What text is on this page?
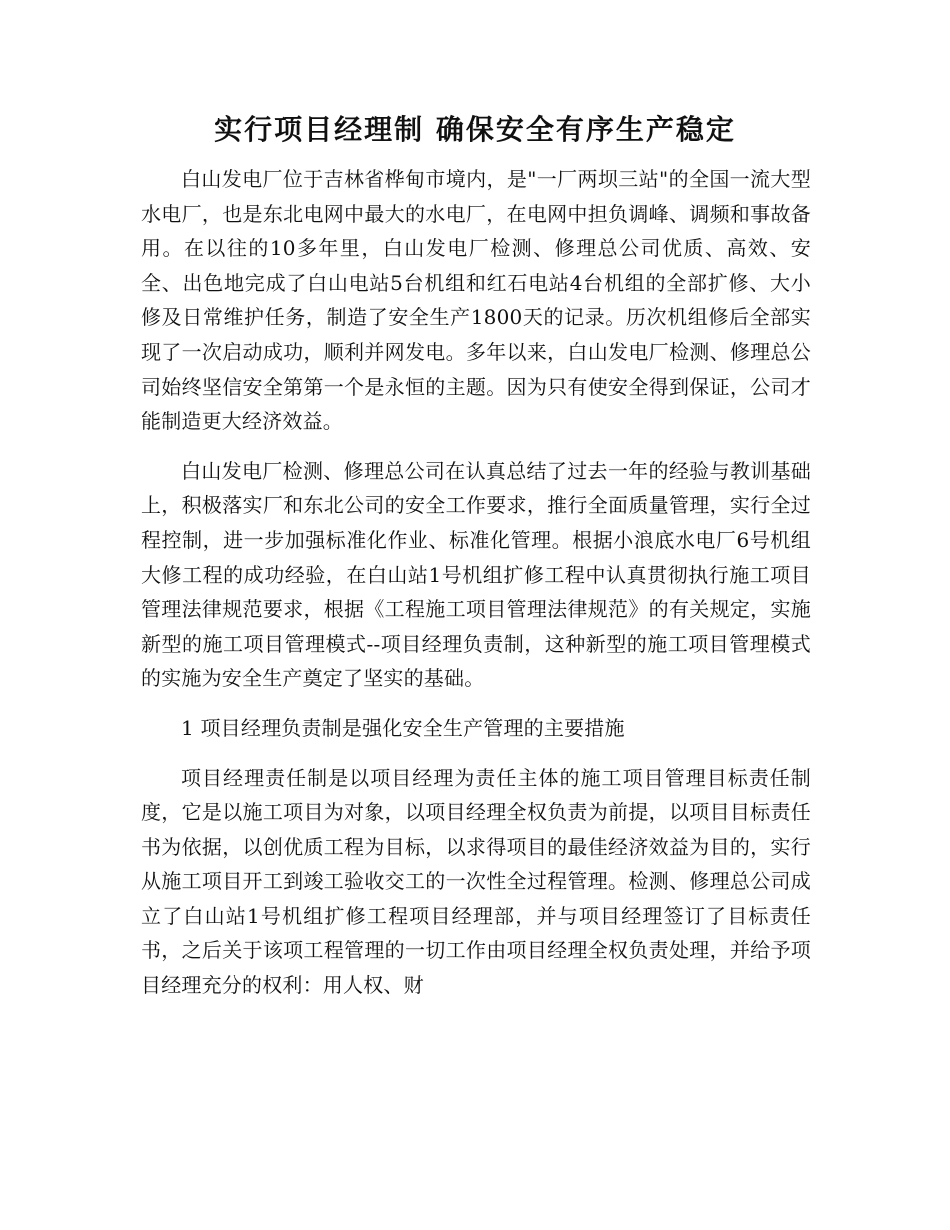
实行项目经理制 确保安全有序生产稳定

白山发电厂位于吉林省桦甸市境内，是"一厂两坝三站"的全国一流大型水电厂，也是东北电网中最大的水电厂，在电网中担负调峰、调频和事故备用。在以往的10多年里，白山发电厂检测、修理总公司优质、高效、安全、出色地完成了白山电站5台机组和红石电站4台机组的全部扩修、大小修及日常维护任务，制造了安全生产1800天的记录。历次机组修后全部实现了一次启动成功，顺利并网发电。多年以来，白山发电厂检测、修理总公司始终坚信安全第第一个是永恒的主题。因为只有使安全得到保证，公司才能制造更大经济效益。

白山发电厂检测、修理总公司在认真总结了过去一年的经验与教训基础上，积极落实厂和东北公司的安全工作要求，推行全面质量管理，实行全过程控制，进一步加强标准化作业、标准化管理。根据小浪底水电厂6号机组大修工程的成功经验，在白山站1号机组扩修工程中认真贯彻执行施工项目管理法律规范要求，根据《工程施工项目管理法律规范》的有关规定，实施新型的施工项目管理模式--项目经理负责制，这种新型的施工项目管理模式的实施为安全生产奠定了坚实的基础。

1 项目经理负责制是强化安全生产管理的主要措施

项目经理责任制是以项目经理为责任主体的施工项目管理目标责任制度，它是以施工项目为对象，以项目经理全权负责为前提，以项目目标责任书为依据，以创优质工程为目标，以求得项目的最佳经济效益为目的，实行从施工项目开工到竣工验收交工的一次性全过程管理。检测、修理总公司成立了白山站1号机组扩修工程项目经理部，并与项目经理签订了目标责任书，之后关于该项工程管理的一切工作由项目经理全权负责处理，并给予项目经理充分的权利：用人权、财
